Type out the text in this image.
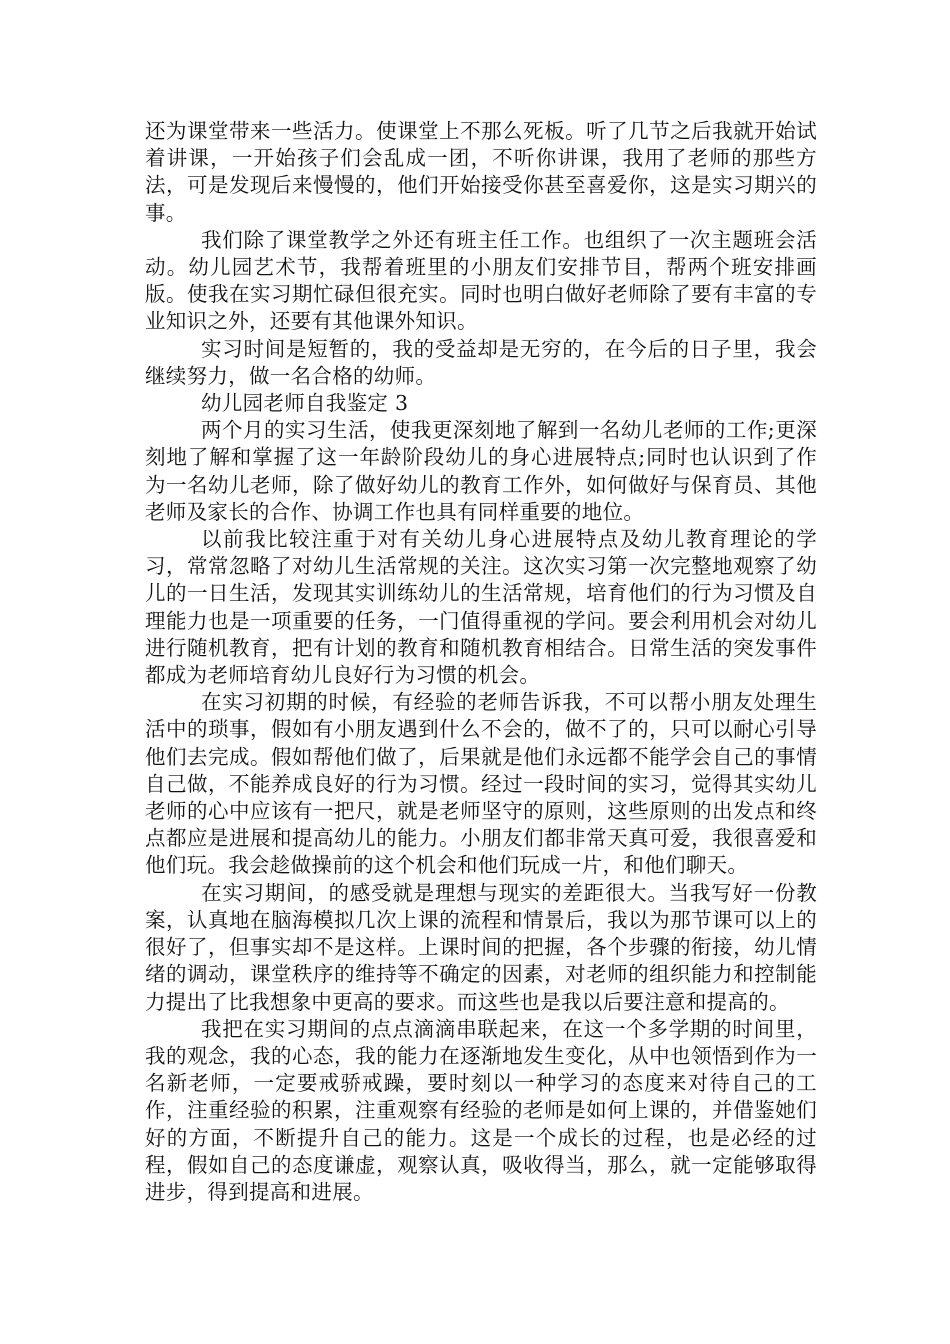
还为课堂带来一些活力。使课堂上不那么死板。听了几节之后我就开始试着讲课，一开始孩子们会乱成一团，不听你讲课，我用了老师的那些方法，可是发现后来慢慢的，他们开始接受你甚至喜爱你，这是实习期兴的事。

我们除了课堂教学之外还有班主任工作。也组织了一次主题班会活动。幼儿园艺术节，我帮着班里的小朋友们安排节目，帮两个班安排画版。使我在实习期忙碌但很充实。同时也明白做好老师除了要有丰富的专业知识之外，还要有其他课外知识。

实习时间是短暂的，我的受益却是无穷的，在今后的日子里，我会继续努力，做一名合格的幼师。

幼儿园老师自我鉴定 3

两个月的实习生活，使我更深刻地了解到一名幼儿老师的工作;更深刻地了解和掌握了这一年龄阶段幼儿的身心进展特点;同时也认识到了作为一名幼儿老师，除了做好幼儿的教育工作外，如何做好与保育员、其他老师及家长的合作、协调工作也具有同样重要的地位。

以前我比较注重于对有关幼儿身心进展特点及幼儿教育理论的学习，常常忽略了对幼儿生活常规的关注。这次实习第一次完整地观察了幼儿的一日生活，发现其实训练幼儿的生活常规，培育他们的行为习惯及自理能力也是一项重要的任务，一门值得重视的学问。要会利用机会对幼儿进行随机教育，把有计划的教育和随机教育相结合。日常生活的突发事件都成为老师培育幼儿良好行为习惯的机会。

在实习初期的时候，有经验的老师告诉我，不可以帮小朋友处理生活中的琐事，假如有小朋友遇到什么不会的，做不了的，只可以耐心引导他们去完成。假如帮他们做了，后果就是他们永远都不能学会自己的事情自己做，不能养成良好的行为习惯。经过一段时间的实习，觉得其实幼儿老师的心中应该有一把尺，就是老师坚守的原则，这些原则的出发点和终点都应是进展和提高幼儿的能力。小朋友们都非常天真可爱，我很喜爱和他们玩。我会趁做操前的这个机会和他们玩成一片，和他们聊天。

在实习期间，的感受就是理想与现实的差距很大。当我写好一份教案，认真地在脑海模拟几次上课的流程和情景后，我以为那节课可以上的很好了，但事实却不是这样。上课时间的把握，各个步骤的衔接，幼儿情绪的调动，课堂秩序的维持等不确定的因素，对老师的组织能力和控制能力提出了比我想象中更高的要求。而这些也是我以后要注意和提高的。

我把在实习期间的点点滴滴串联起来，在这一个多学期的时间里，我的观念，我的心态，我的能力在逐渐地发生变化，从中也领悟到作为一名新老师，一定要戒骄戒躁，要时刻以一种学习的态度来对待自己的工作，注重经验的积累，注重观察有经验的老师是如何上课的，并借鉴她们好的方面，不断提升自己的能力。这是一个成长的过程，也是必经的过程，假如自己的态度谦虚，观察认真，吸收得当，那么，就一定能够取得进步，得到提高和进展。
